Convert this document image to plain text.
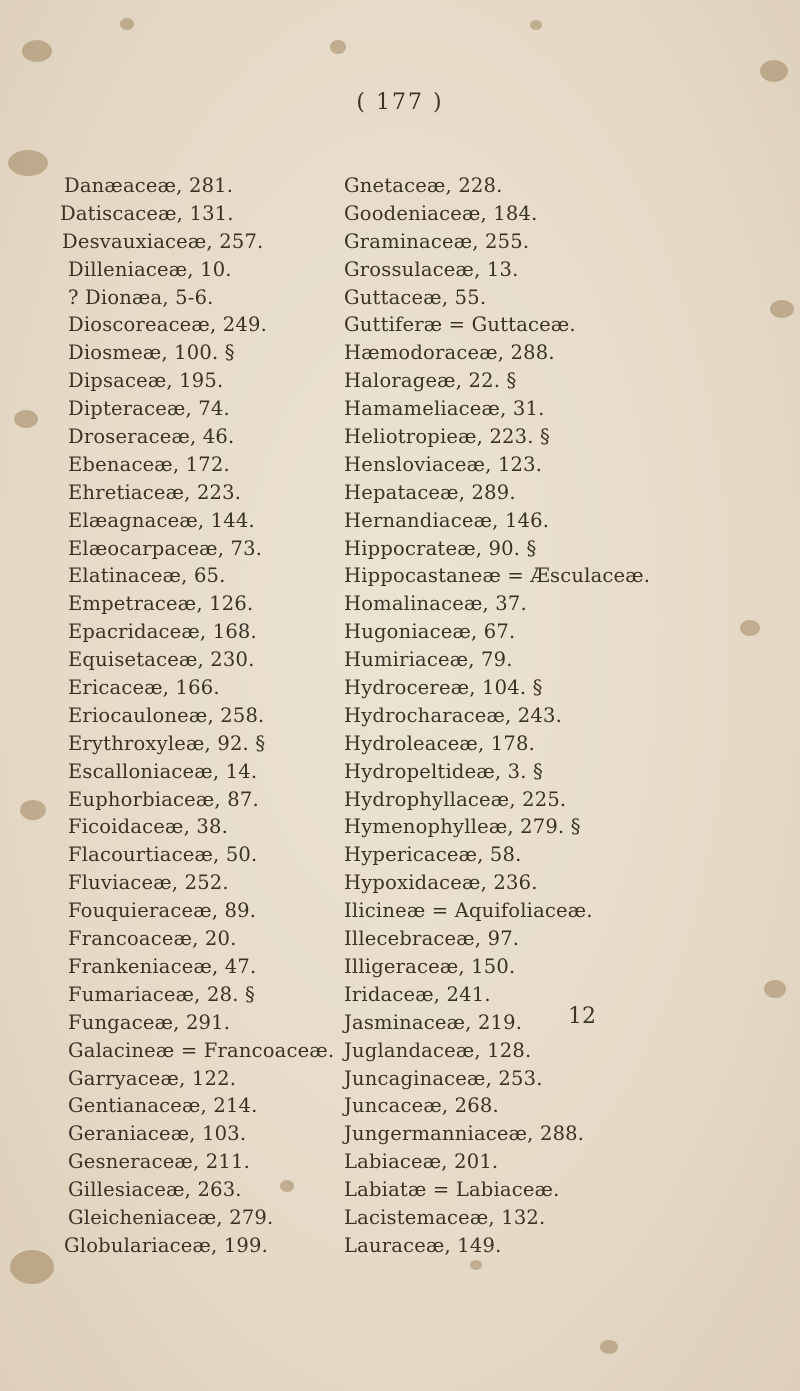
( 177 )
Danæaceæ, 281.
Datiscaceæ, 131.
Desvauxiaceæ, 257.
Dilleniaceæ, 10.
? Dionæa, 5-6.
Dioscoreaceæ, 249.
Diosmeæ, 100. §
Dipsaceæ, 195.
Dipteraceæ, 74.
Droseraceæ, 46.
Ebenaceæ, 172.
Ehretiaceæ, 223.
Elæagnaceæ, 144.
Elæocarpaceæ, 73.
Elatinaceæ, 65.
Empetraceæ, 126.
Epacridaceæ, 168.
Equisetaceæ, 230.
Ericaceæ, 166.
Eriocauloneæ, 258.
Erythroxyleæ, 92. §
Escalloniaceæ, 14.
Euphorbiaceæ, 87.
Ficoidaceæ, 38.
Flacourtiaceæ, 50.
Fluviaceæ, 252.
Fouquieraceæ, 89.
Francoaceæ, 20.
Frankeniaceæ, 47.
Fumariaceæ, 28. §
Fungaceæ, 291.
Galacineæ = Francoaceæ.
Garryaceæ, 122.
Gentianaceæ, 214.
Geraniaceæ, 103.
Gesneraceæ, 211.
Gillesiaceæ, 263.
Gleicheniaceæ, 279.
Globulariaceæ, 199.
Gnetaceæ, 228.
Goodeniaceæ, 184.
Graminaceæ, 255.
Grossulaceæ, 13.
Guttaceæ, 55.
Guttiferæ = Guttaceæ.
Hæmodoraceæ, 288.
Halorageæ, 22. §
Hamameliaceæ, 31.
Heliotropieæ, 223. §
Hensloviaceæ, 123.
Hepataceæ, 289.
Hernandiaceæ, 146.
Hippocrateæ, 90. §
Hippocastaneæ = Æsculaceæ.
Homalinaceæ, 37.
Hugoniaceæ, 67.
Humiriaceæ, 79.
Hydrocereæ, 104. §
Hydrocharaceæ, 243.
Hydroleaceæ, 178.
Hydropeltideæ, 3. §
Hydrophyllaceæ, 225.
Hymenophylleæ, 279. §
Hypericaceæ, 58.
Hypoxidaceæ, 236.
Ilicineæ = Aquifoliaceæ.
Illecebraceæ, 97.
Illigeraceæ, 150.
Iridaceæ, 241.
Jasminaceæ, 219.
Juglandaceæ, 128.
Juncaginaceæ, 253.
Juncaceæ, 268.
Jungermanniaceæ, 288.
Labiaceæ, 201.
Labiatæ = Labiaceæ.
Lacistemaceæ, 132.
Lauraceæ, 149.
12
